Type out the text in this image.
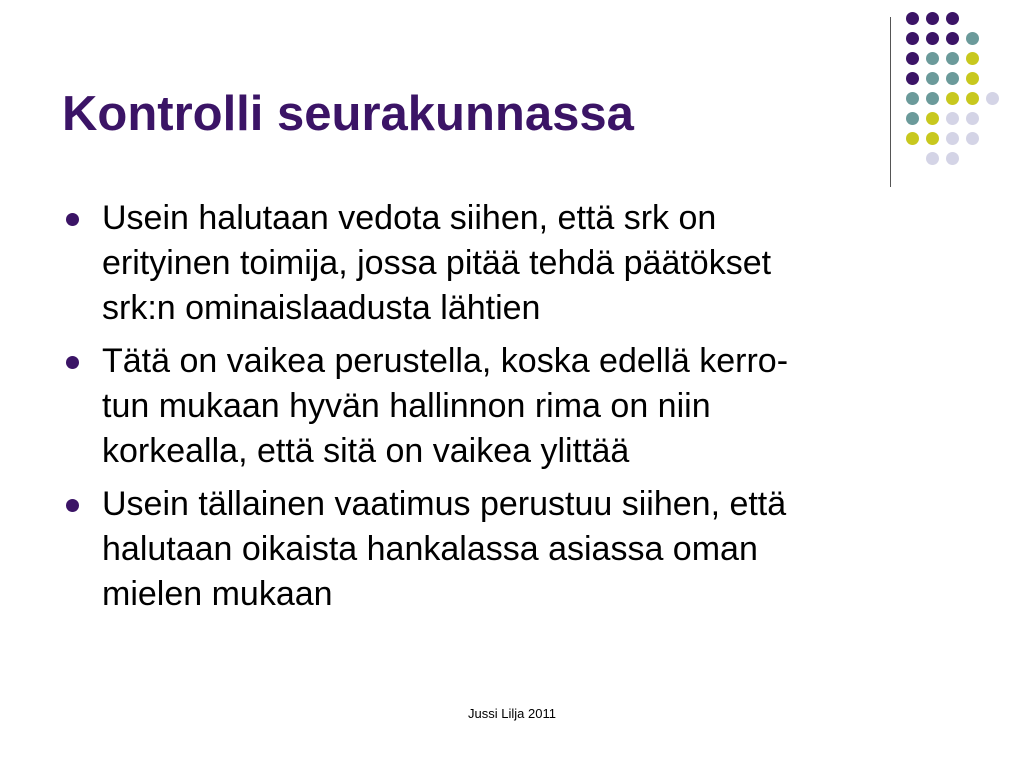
Kontrolli seurakunnassa
Usein halutaan vedota siihen, että srk on
erityinen toimija, jossa pitää tehdä päätökset
srk:n ominaislaadusta lähtien
Tätä on vaikea perustella, koska edellä kerro-
tun mukaan hyvän hallinnon rima on niin
korkealla, että sitä on vaikea ylittää
Usein tällainen vaatimus perustuu siihen, että
halutaan oikaista hankalassa asiassa oman
mielen mukaan
Jussi Lilja 2011
